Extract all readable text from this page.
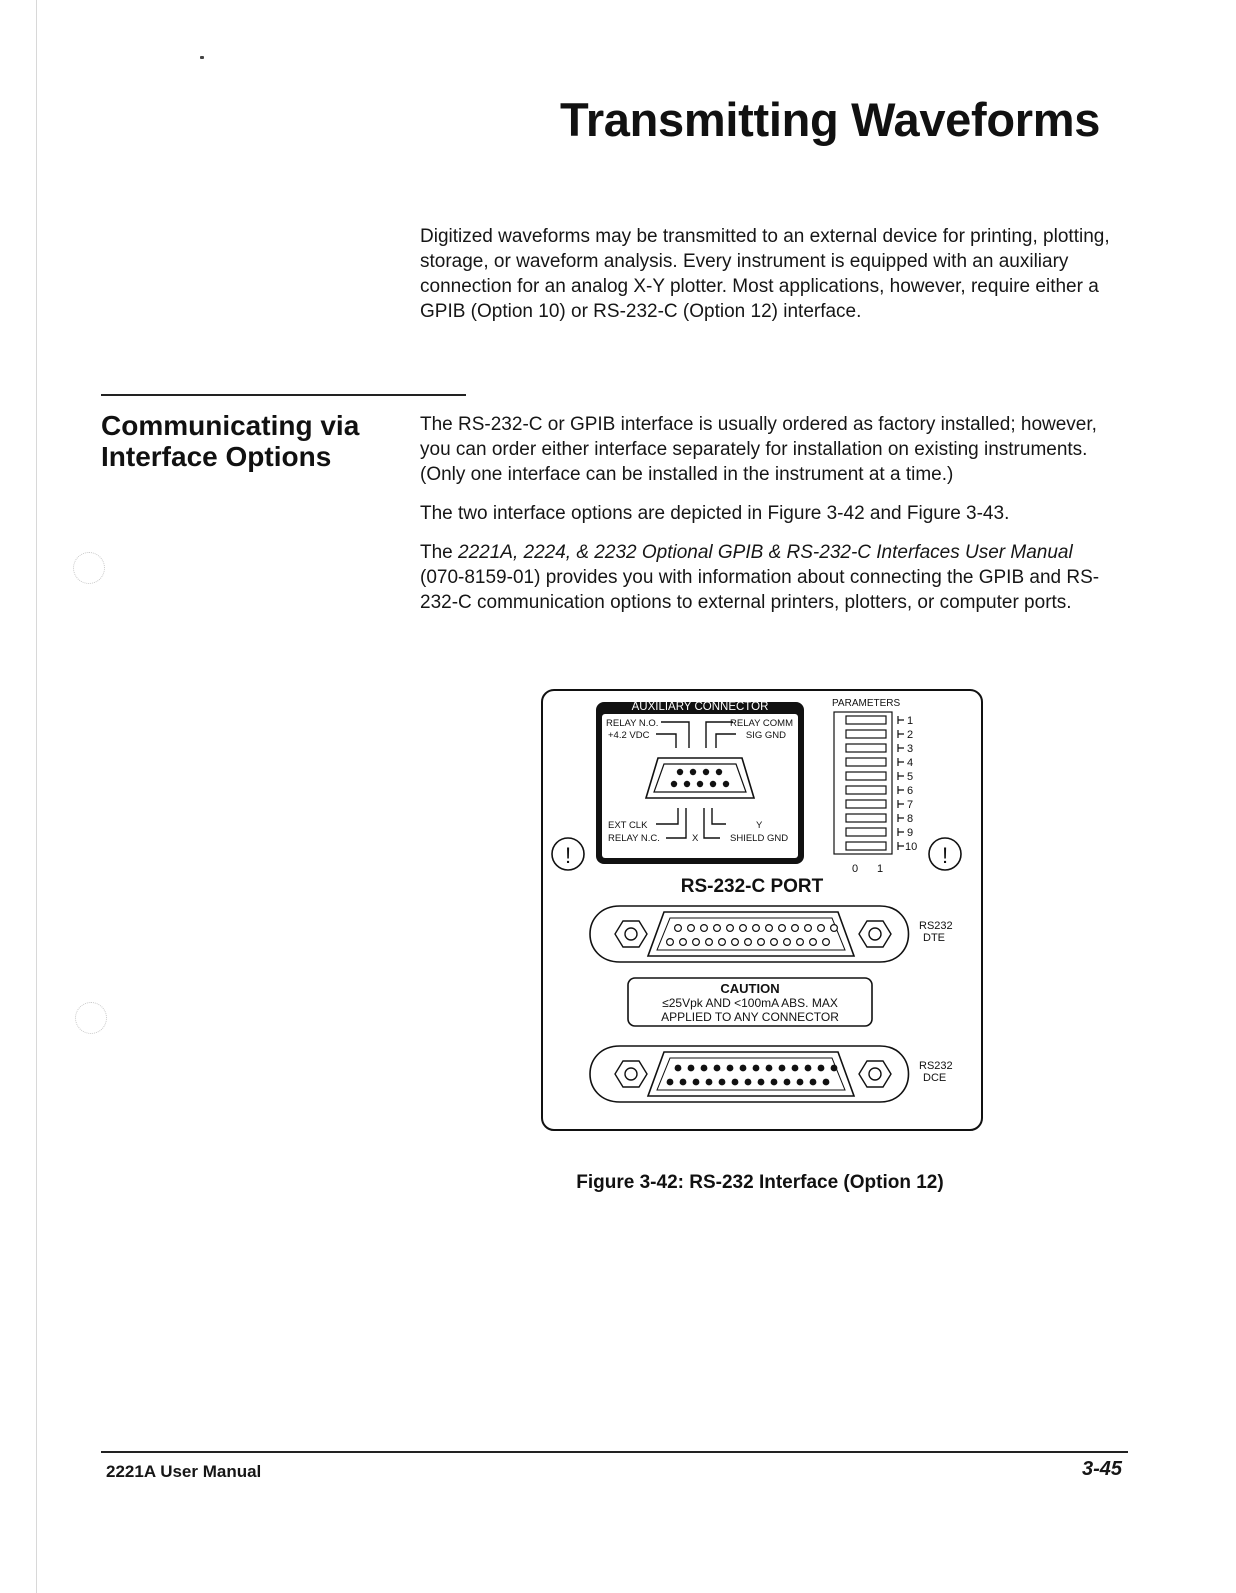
Transmitting Waveforms

Digitized waveforms may be transmitted to an external device for printing, plotting, storage, or waveform analysis. Every instrument is equipped with an auxiliary connection for an analog X-Y plotter. Most applications, however, require either a GPIB (Option 10) or RS-232-C (Option 12) interface.

Communicating via Interface Options

The RS-232-C or GPIB interface is usually ordered as factory installed; however, you can order either interface separately for installation on existing instruments. (Only one interface can be installed in the instrument at a time.)

The two interface options are depicted in Figure 3-42 and Figure 3-43.

The 2221A, 2224, & 2232 Optional GPIB & RS-232-C Interfaces User Manual (070-8159-01) provides you with information about connecting the GPIB and RS-232-C communication options to external printers, plotters, or computer ports.

AUXILIARY CONNECTOR
RELAY N.O.
+4.2 VDC
RELAY COMM
SIG GND
EXT CLK
RELAY N.C.	X
Y
SHIELD GND
PARAMETERS
1
2
3
4
5
6
7
8
9
10
0 1
!	!
RS-232-C PORT
RS232
DTE
CAUTION
≤25Vpk AND <100mA ABS. MAX
APPLIED TO ANY CONNECTOR
RS232
DCE

Figure 3-42: RS-232 Interface (Option 12)

2221A User Manual	3-45
